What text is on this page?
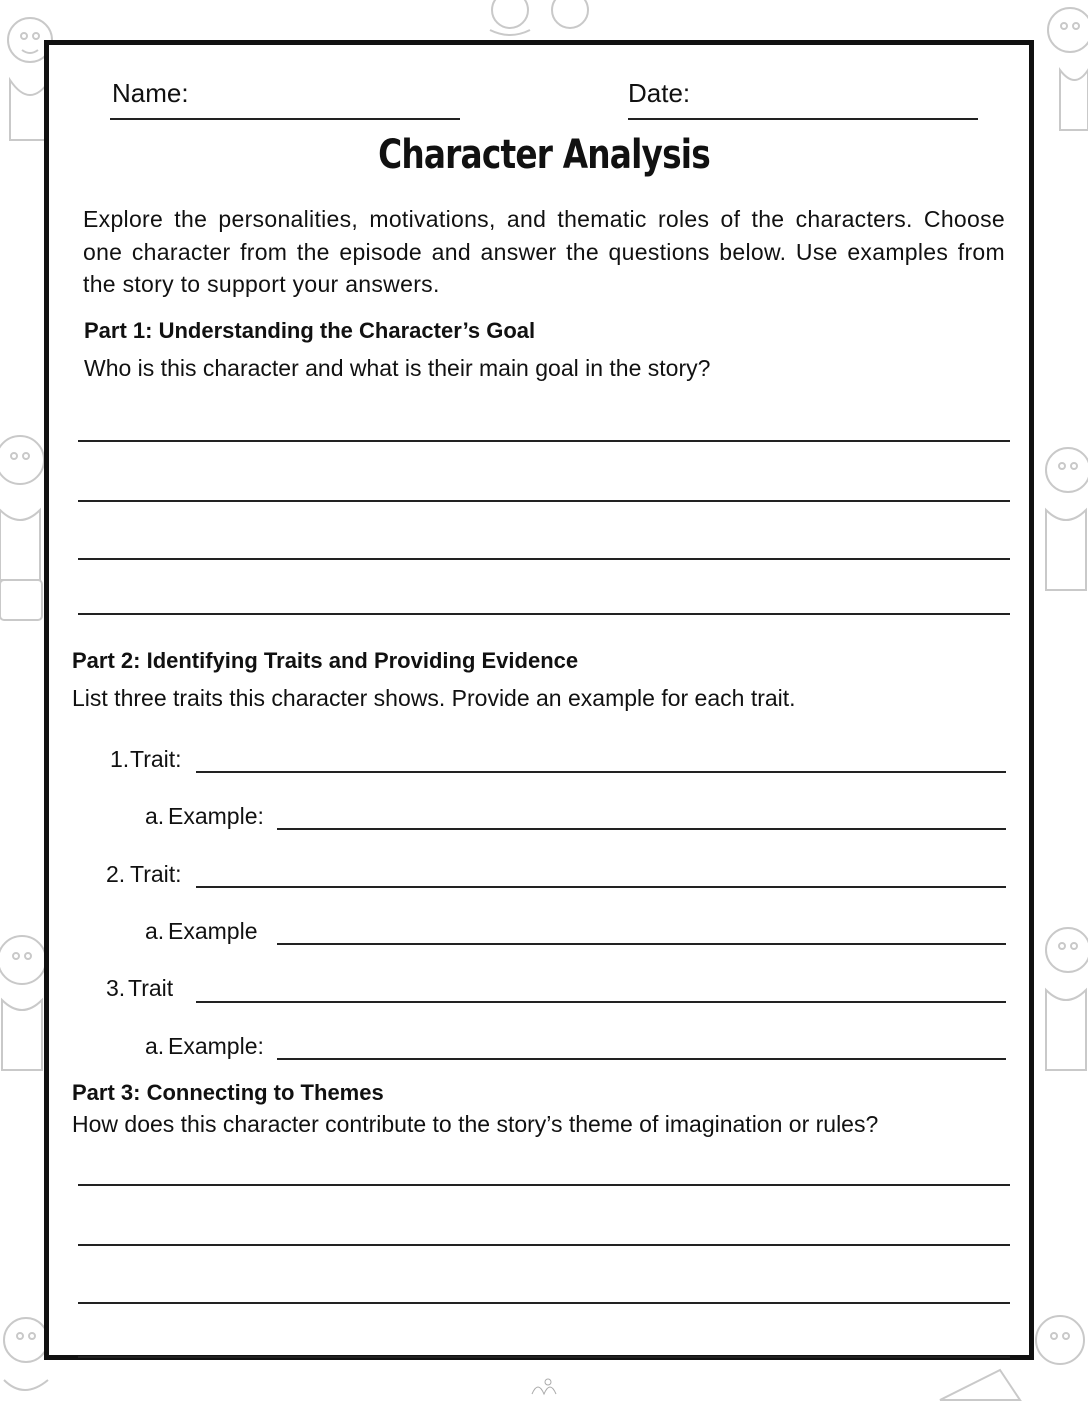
Name:	Date:
Character Analysis
Explore the personalities, motivations, and thematic roles of the characters. Choose one character from the episode and answer the questions below. Use examples from the story to support your answers.
Part 1: Understanding the Character’s Goal
Who is this character and what is their main goal in the story?
Part 2: Identifying Traits and Providing Evidence
List three traits this character shows. Provide an example for each trait.
1. Trait:
a. Example:
2. Trait:
a. Example
3. Trait
a. Example:
Part 3: Connecting to Themes
How does this character contribute to the story’s theme of imagination or rules?
